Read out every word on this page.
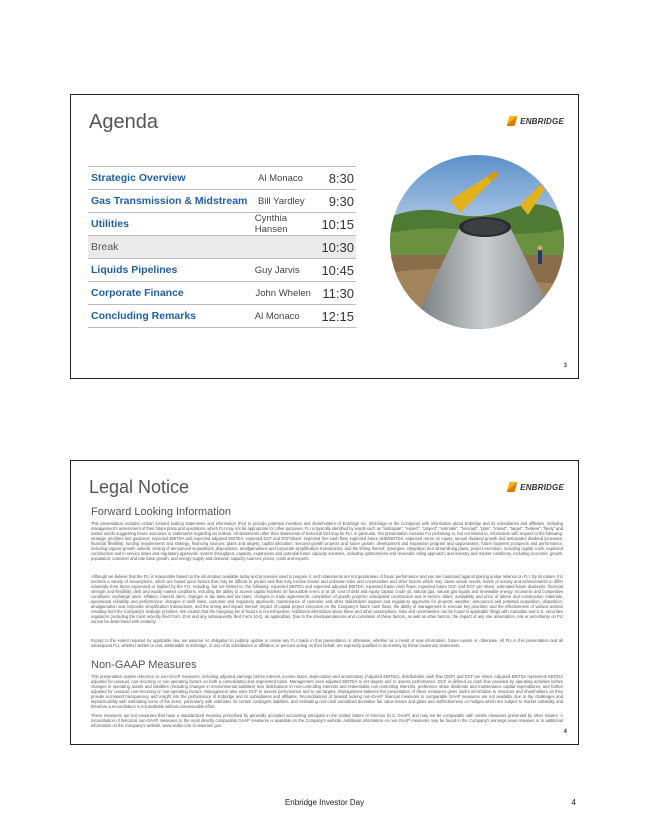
Agenda	ENBRIDGE
Strategic Overview	Al Monaco	8:30
Gas Transmission & Midstream	Bill Yardley	9:30
Utilities	Cynthia Hansen	10:15
Break	10:30
Liquids Pipelines	Guy Jarvis	10:45
Corporate Finance	John Whelen 11:30
Concluding Remarks	Al Monaco	12:15
3
Legal Notice	ENBRIDGE
Forward Looking Information

This presentation includes certain forward looking statements and information (FLI) to provide potential investors and shareholders of Enbridge Inc. (Enbridge or the Company) with information about Enbridge and its subsidiaries and affiliates, including management's assessment of their future plans and operations, which FLI may not be appropriate for other purposes. FLI is typically identified by words such as "anticipate", "expect", "project", "estimate", "forecast", "plan", "intend", "target", "believe", "likely" and similar words suggesting future outcomes or statements regarding an outlook. All statements other than statements of historical fact may be FLI. In particular, this presentation contains FLI pertaining to, but not limited to, information with respect to the following: strategic priorities and guidance; expected EBITDA and expected adjusted EBITDA; expected DCF and DCF/share; expected free cash flow; expected future debt/EBITDA; expected return on equity; annual dividend growth and anticipated dividend increases; financial flexibility; funding requirements and strategy; financing sources; plans and targets; capital allocation; secured growth projects and future growth, development and expansion program and opportunities; future business prospects and performance, including organic growth outlook; closing of announced acquisitions, dispositions, amalgamations and corporate simplification transactions, and the timing thereof; synergies, integration and streamlining plans; project execution, including capital costs, expected construction and in service dates and regulatory approvals; system throughput, capacity, expansions and potential future capacity solutions, including optimizations and reversals; toling approach; and industry and market conditions, including economic growth, population, customer and rate base growth, and energy supply and demand; capacity sources; prices, costs and exports.

Although we believe that the FLI is reasonable based on the information available today and processes used to prepare it, such statements are not guarantees of future performance and you are cautioned against placing undue reliance on FLI. By its nature, FLI involves a variety of assumptions, which are based upon factors that may be difficult to predict and that may involve known and unknown risks and uncertainties and other factors which may cause actual results, levels of activity and achievements to differ materially from those expressed or implied by the FLI, including, but not limited to, the following: expected EBITDA and expected adjusted EBITDA; expected future cash flows; expected future DCF and DCF per share; estimated future dividends; financial strength and flexibility; debt and equity market conditions, including the ability to access capital markets on favourable terms or at all; cost of debt and equity capital; crude oil, natural gas, natural gas liquids and renewable energy; economic and competitive conditions; exchange rates; inflation; interest rates; changes in tax laws and tax rates; changes in trade agreements, completion of growth projects; anticipated construction and in-service dates; availability and price of labour and construction materials; operational reliability and performance; changes in tariff rates; customer and regulatory approvals; maintenance of customer and other stakeholder support and regulatory approvals for projects; weather; announced and potential acquisition, disposition, amalgamation and corporate simplification transactions, and the timing and impact thereof; impact of capital project execution on the Company's future cash flows; the ability of management to execute key priorities; and the effectiveness of various actions resulting from the Company's strategic priorities. We caution that the foregoing list of factors is not exhaustive. Additional information about these and other assumptions, risks and uncertainties can be found in applicable filings with Canadian and U.S. securities regulators (including the most recently filed Form 10-K and any subsequently filed Form 10-Q, as applicable). Due to the interdependencies and correlation of these factors, as well as other factors, the impact of any one assumption, risk or uncertainty on FLI cannot be determined with certainty.

Except to the extent required by applicable law, we assume no obligation to publicly update or revise any FLI made in this presentation or otherwise, whether as a result of new information, future events or otherwise. All FLI in this presentation and all subsequent FLI, whether written or oral, attributable to Enbridge, or any of its subsidiaries or affiliates, or persons acting on their behalf, are expressly qualified in its entirety by these cautionary statements.

Non-GAAP Measures

This presentation makes reference to non-GAAP measures, including adjusted earnings before interest, income taxes, depreciation and amortization (Adjusted EBITDA), distributable cash flow (DCF) and DCF per share. Adjusted EBITDA represents EBITDA adjusted for unusual, non-recurring or non-operating factors on both a consolidated and segmented basis. Management uses adjusted EBITDA to set targets and to assess performance. DCF is defined as cash flow provided by operating activities before changes in operating assets and liabilities (including changes in environmental liabilities) less distributions to non-controlling interests and redeemable non-controlling interests, preference share dividends and maintenance capital expenditures, and further adjusted for unusual, non-recurring or non-operating factors. Management also uses DCF to assess performance and to set targets. Management believes the presentation of these measures gives useful information to investors and shareholders as they provide increased transparency and insight into the performance of Enbridge and its subsidiaries and affiliates. Reconciliations of forward looking non-GAAP financial measures to comparable GAAP measures are not available due to the challenges and impracticability with estimating some of the items, particularly with estimates for certain contingent liabilities, and estimating non-cash unrealized derivative fair value losses and gains and ineffectiveness on hedges which are subject to market variability and therefore a reconciliation is not available without unreasonable effort.

These measures are not measures that have a standardized meaning prescribed by generally accepted accounting principles in the United States of America (U.S. GAAP) and may not be comparable with similar measures presented by other issuers. A reconciliation of historical non-GAAP measures to the most directly comparable GAAP measures is available on the Company's website. Additional information on non-GAAP measures may be found in the Company's earnings news releases or in additional information on the Company's website, www.sedar.com or www.sec.gov.

4
Enbridge Investor Day	4
